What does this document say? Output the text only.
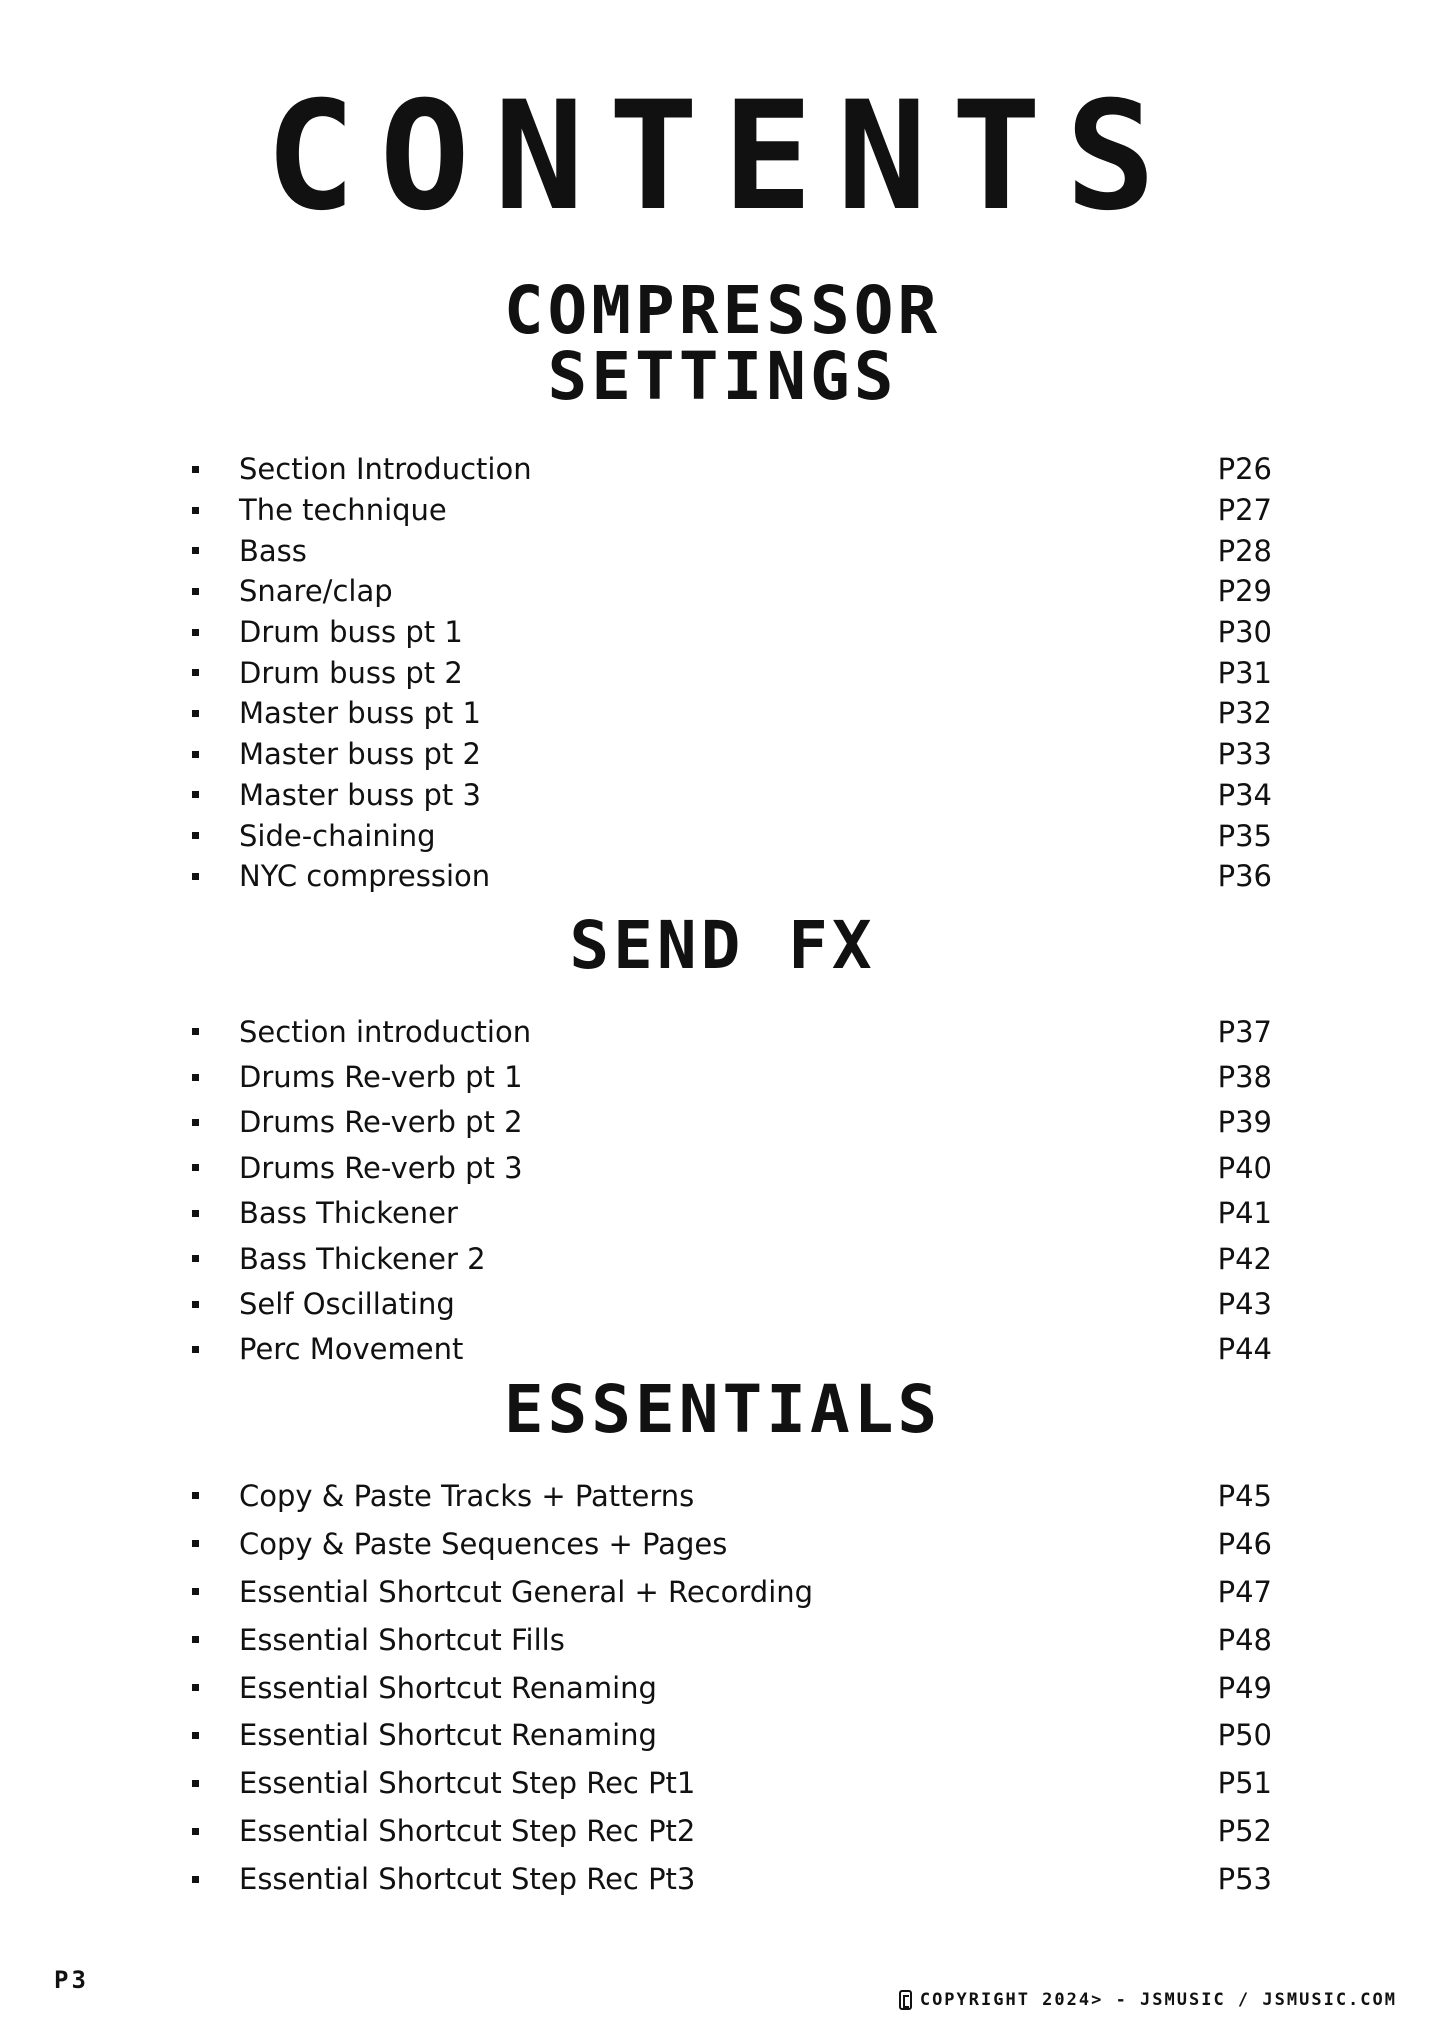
CONTENTS
COMPRESSOR
SETTINGS
Section Introduction	P26
The technique	P27
Bass	P28
Snare/clap	P29
Drum buss pt 1	P30
Drum buss pt 2	P31
Master buss pt 1	P32
Master buss pt 2	P33
Master buss pt 3	P34
Side-chaining	P35
NYC compression	P36
SEND FX
Section introduction	P37
Drums Re-verb pt 1	P38
Drums Re-verb pt 2	P39
Drums Re-verb pt 3	P40
Bass Thickener	P41
Bass Thickener 2	P42
Self Oscillating	P43
Perc Movement	P44
ESSENTIALS
Copy & Paste Tracks + Patterns	P45
Copy & Paste Sequences + Pages	P46
Essential Shortcut General + Recording	P47
Essential Shortcut Fills	P48
Essential Shortcut Renaming	P49
Essential Shortcut Renaming	P50
Essential Shortcut Step Rec Pt1	P51
Essential Shortcut Step Rec Pt2	P52
Essential Shortcut Step Rec Pt3	P53

P3

COPYRIGHT 2024> - JSMUSIC / JSMUSIC.COM
